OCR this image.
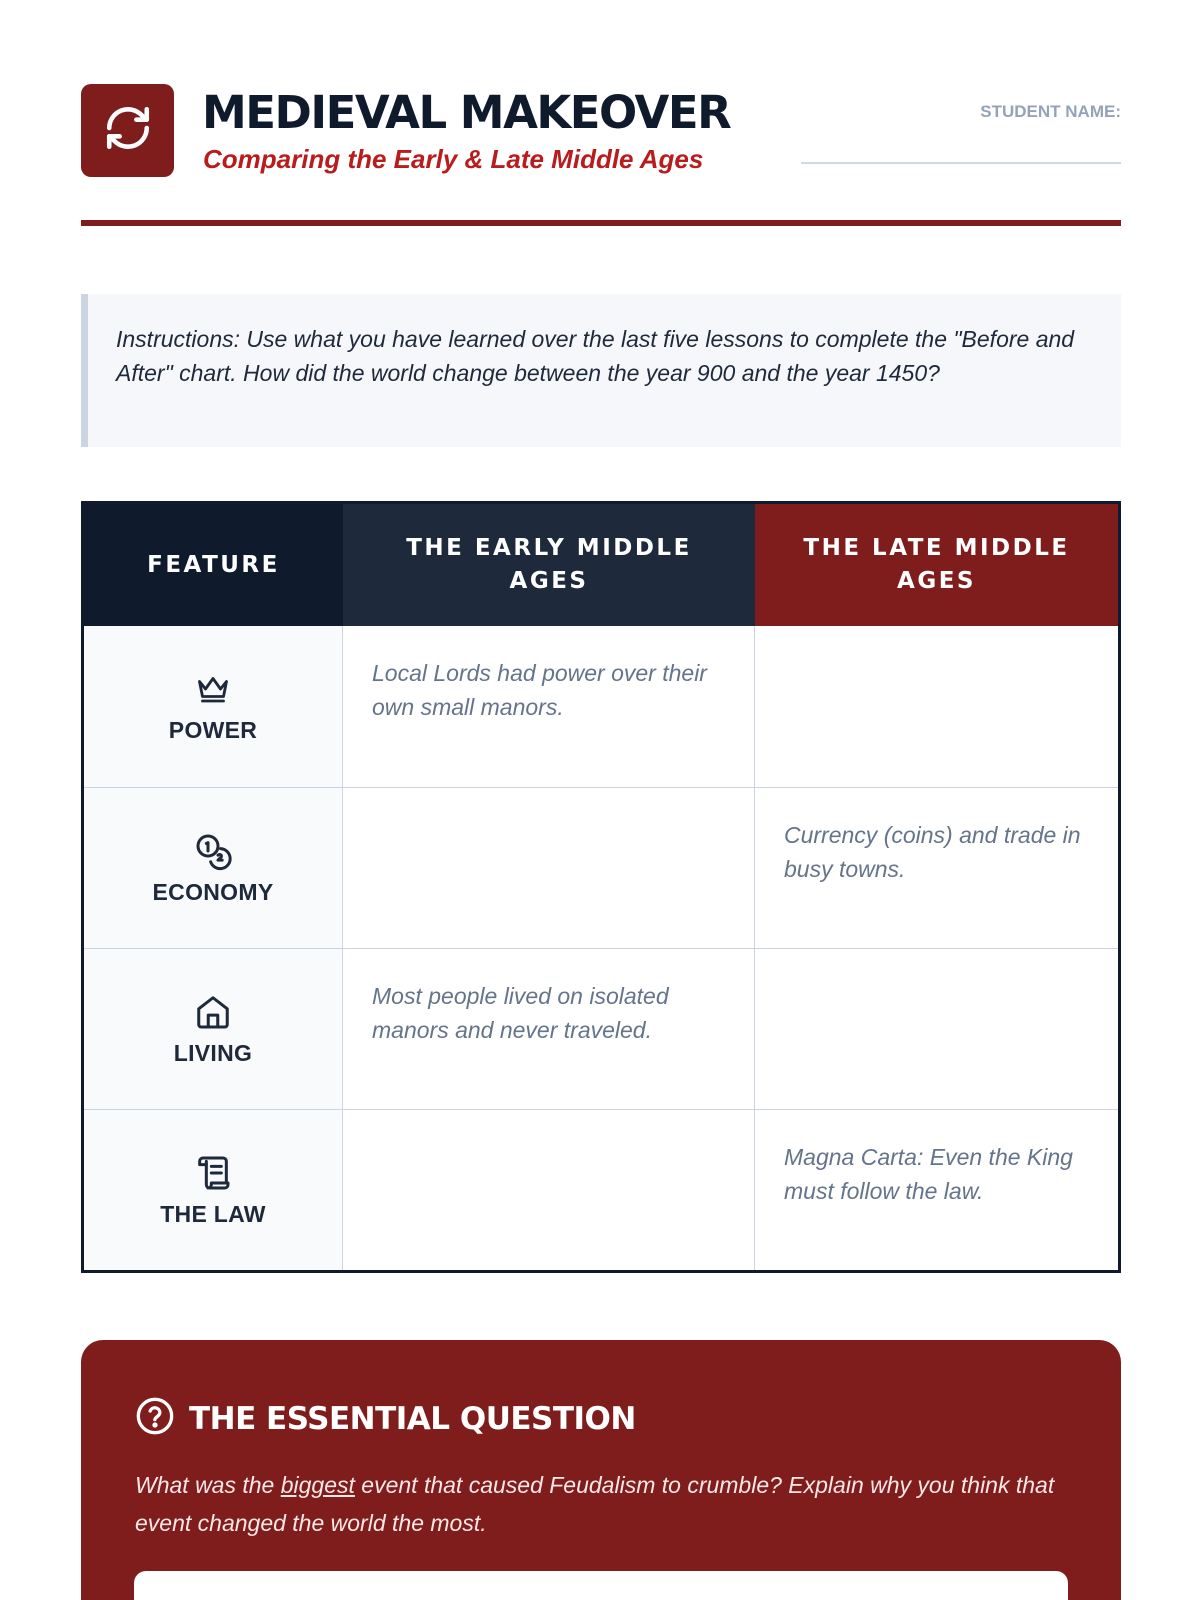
MEDIEVAL MAKEOVER
Comparing the Early & Late Middle Ages
STUDENT NAME:

Instructions: Use what you have learned over the last five lessons to complete the "Before and After" chart. How did the world change between the year 900 and the year 1450?

FEATURE
THE EARLY MIDDLE AGES
THE LATE MIDDLE AGES
POWER
Local Lords had power over their own small manors.
ECONOMY
Currency (coins) and trade in busy towns.
LIVING
Most people lived on isolated manors and never traveled.
THE LAW
Magna Carta: Even the King must follow the law.
THE ESSENTIAL QUESTION
What was the biggest event that caused Feudalism to crumble? Explain why you think that event changed the world the most.
